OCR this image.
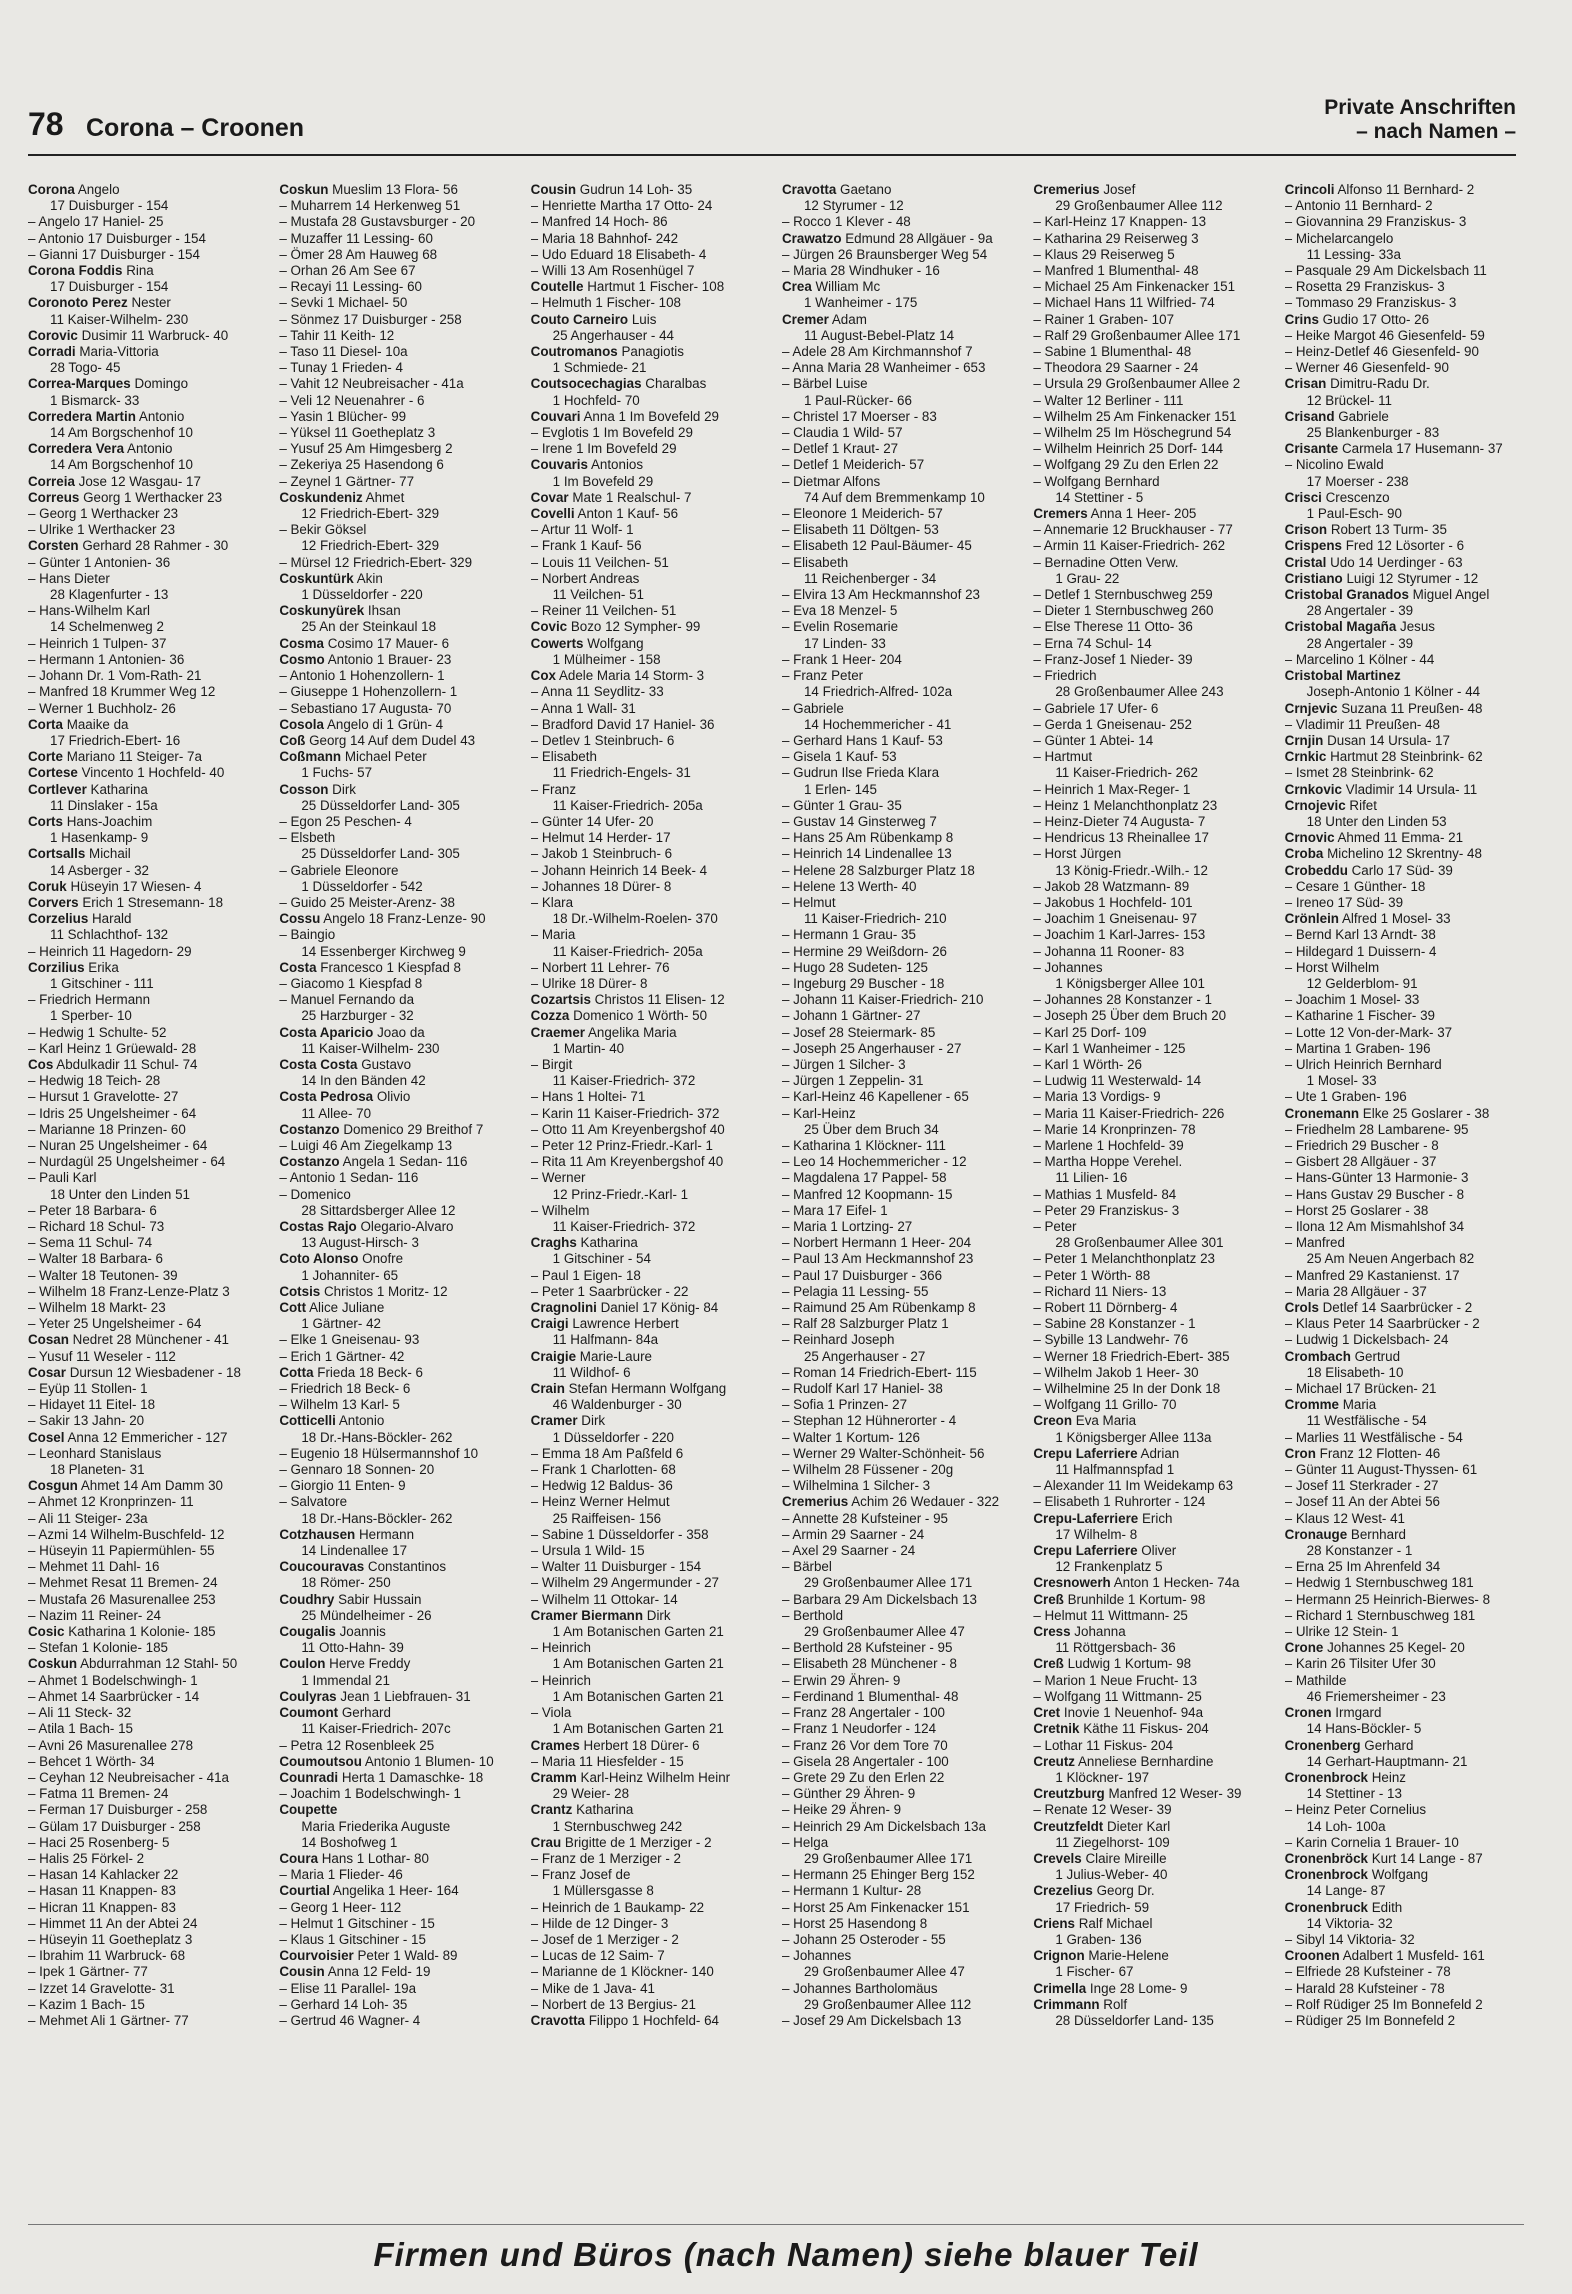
78 Corona – Croonen
Private Anschriften
– nach Namen –
Corona Angelo
17 Duisburger - 154
– Angelo 17 Haniel- 25
– Antonio 17 Duisburger - 154
– Gianni 17 Duisburger - 154
Corona Foddis Rina
17 Duisburger - 154
Coronoto Perez Nester
11 Kaiser-Wilhelm- 230
Corovic Dusimir 11 Warbruck- 40
Corradi Maria-Vittoria
28 Togo- 45
Correa-Marques Domingo
1 Bismarck- 33
Corredera Martin Antonio
14 Am Borgschenhof 10
Corredera Vera Antonio
14 Am Borgschenhof 10
Correia Jose 12 Wasgau- 17
Correus Georg 1 Werthacker 23
– Georg 1 Werthacker 23
– Ulrike 1 Werthacker 23
Corsten Gerhard 28 Rahmer - 30
– Günter 1 Antonien- 36
– Hans Dieter
28 Klagenfurter - 13
– Hans-Wilhelm Karl
14 Schelmenweg 2
– Heinrich 1 Tulpen- 37
– Hermann 1 Antonien- 36
– Johann Dr. 1 Vom-Rath- 21
– Manfred 18 Krummer Weg 12
– Werner 1 Buchholz- 26
Corta Maaike da
17 Friedrich-Ebert- 16
Corte Mariano 11 Steiger- 7a
Cortese Vincento 1 Hochfeld- 40
Cortlever Katharina
11 Dinslaker - 15a
Corts Hans-Joachim
1 Hasenkamp- 9
Cortsalls Michail
14 Asberger - 32
Coruk Hüseyin 17 Wiesen- 4
Corvers Erich 1 Stresemann- 18
Corzelius Harald
11 Schlachthof- 132
– Heinrich 11 Hagedorn- 29
Corzilius Erika
1 Gitschiner - 111
– Friedrich Hermann
1 Sperber- 10
– Hedwig 1 Schulte- 52
– Karl Heinz 1 Grüewald- 28
Cos Abdulkadir 11 Schul- 74
– Hedwig 18 Teich- 28
– Hursut 1 Gravelotte- 27
– Idris 25 Ungelsheimer - 64
– Marianne 18 Prinzen- 60
– Nuran 25 Ungelsheimer - 64
– Nurdagül 25 Ungelsheimer - 64
– Pauli Karl
18 Unter den Linden 51
– Peter 18 Barbara- 6
– Richard 18 Schul- 73
– Sema 11 Schul- 74
– Walter 18 Barbara- 6
– Walter 18 Teutonen- 39
– Wilhelm 18 Franz-Lenze-Platz 3
– Wilhelm 18 Markt- 23
– Yeter 25 Ungelsheimer - 64
Cosan Nedret 28 Münchener - 41
– Yusuf 11 Weseler - 112
Cosar Dursun 12 Wiesbadener - 18
– Eyüp 11 Stollen- 1
– Hidayet 11 Eitel- 18
– Sakir 13 Jahn- 20
Cosel Anna 12 Emmericher - 127
– Leonhard Stanislaus
18 Planeten- 31
Cosgun Ahmet 14 Am Damm 30
– Ahmet 12 Kronprinzen- 11
– Ali 11 Steiger- 23a
– Azmi 14 Wilhelm-Buschfeld- 12
– Hüseyin 11 Papiermühlen- 55
– Mehmet 11 Dahl- 16
– Mehmet Resat 11 Bremen- 24
– Mustafa 26 Masurenallee 253
– Nazim 11 Reiner- 24
Cosic Katharina 1 Kolonie- 185
– Stefan 1 Kolonie- 185
Coskun Abdurrahman 12 Stahl- 50
– Ahmet 1 Bodelschwingh- 1
– Ahmet 14 Saarbrücker - 14
– Ali 11 Steck- 32
– Atila 1 Bach- 15
– Avni 26 Masurenallee 278
– Behcet 1 Wörth- 34
– Ceyhan 12 Neubreisacher - 41a
– Fatma 11 Bremen- 24
– Ferman 17 Duisburger - 258
– Gülam 17 Duisburger - 258
– Haci 25 Rosenberg- 5
– Halis 25 Förkel- 2
– Hasan 14 Kahlacker 22
– Hasan 11 Knappen- 83
– Hicran 11 Knappen- 83
– Himmet 11 An der Abtei 24
– Hüseyin 11 Goetheplatz 3
– Ibrahim 11 Warbruck- 68
– Ipek 1 Gärtner- 77
– Izzet 14 Gravelotte- 31
– Kazim 1 Bach- 15
– Mehmet Ali 1 Gärtner- 77
Coskun Mueslim 13 Flora- 56
– Muharrem 14 Herkenweg 51
– Mustafa 28 Gustavsburger - 20
– Muzaffer 11 Lessing- 60
– Ömer 28 Am Hauweg 68
– Orhan 26 Am See 67
– Recayi 11 Lessing- 60
– Sevki 1 Michael- 50
– Sönmez 17 Duisburger - 258
– Tahir 11 Keith- 12
– Taso 11 Diesel- 10a
– Tunay 1 Frieden- 4
– Vahit 12 Neubreisacher - 41a
– Veli 12 Neuenahrer - 6
– Yasin 1 Blücher- 99
– Yüksel 11 Goetheplatz 3
– Yusuf 25 Am Himgesberg 2
– Zekeriya 25 Hasendong 6
– Zeynel 1 Gärtner- 77
Coskundeniz Ahmet
12 Friedrich-Ebert- 329
– Bekir Göksel
12 Friedrich-Ebert- 329
– Mürsel 12 Friedrich-Ebert- 329
Coskuntürk Akin
1 Düsseldorfer - 220
Coskunyürek Ihsan
25 An der Steinkaul 18
Cosma Cosimo 17 Mauer- 6
Cosmo Antonio 1 Brauer- 23
– Antonio 1 Hohenzollern- 1
– Giuseppe 1 Hohenzollern- 1
– Sebastiano 17 Augusta- 70
Cosola Angelo di 1 Grün- 4
Coß Georg 14 Auf dem Dudel 43
Coßmann Michael Peter
1 Fuchs- 57
Cosson Dirk
25 Düsseldorfer Land- 305
– Egon 25 Peschen- 4
– Elsbeth
25 Düsseldorfer Land- 305
– Gabriele Eleonore
1 Düsseldorfer - 542
– Guido 25 Meister-Arenz- 38
Cossu Angelo 18 Franz-Lenze- 90
– Baingio
14 Essenberger Kirchweg 9
Costa Francesco 1 Kiespfad 8
– Giacomo 1 Kiespfad 8
– Manuel Fernando da
25 Harzburger - 32
Costa Aparicio Joao da
11 Kaiser-Wilhelm- 230
Costa Costa Gustavo
14 In den Bänden 42
Costa Pedrosa Olivio
11 Allee- 70
Costanzo Domenico 29 Breithof 7
– Luigi 46 Am Ziegelkamp 13
Costanzo Angela 1 Sedan- 116
– Antonio 1 Sedan- 116
– Domenico
28 Sittardsberger Allee 12
Costas Rajo Olegario-Alvaro
13 August-Hirsch- 3
Coto Alonso Onofre
1 Johanniter- 65
Cotsis Christos 1 Moritz- 12
Cott Alice Juliane
1 Gärtner- 42
– Elke 1 Gneisenau- 93
– Erich 1 Gärtner- 42
Cotta Frieda 18 Beck- 6
– Friedrich 18 Beck- 6
– Wilhelm 13 Karl- 5
Cotticelli Antonio
18 Dr.-Hans-Böckler- 262
– Eugenio 18 Hülsermannshof 10
– Gennaro 18 Sonnen- 20
– Giorgio 11 Enten- 9
– Salvatore
18 Dr.-Hans-Böckler- 262
Cotzhausen Hermann
14 Lindenallee 17
Coucouravas Constantinos
18 Römer- 250
Coudhry Sabir Hussain
25 Mündelheimer - 26
Cougalis Joannis
11 Otto-Hahn- 39
Coulon Herve Freddy
1 Immendal 21
Coulyras Jean 1 Liebfrauen- 31
Coumont Gerhard
11 Kaiser-Friedrich- 207c
– Petra 12 Rosenbleek 25
Coumoutsou Antonio 1 Blumen- 10
Counradi Herta 1 Damaschke- 18
– Joachim 1 Bodelschwingh- 1
Coupette
Maria Friederika Auguste
14 Boshofweg 1
Coura Hans 1 Lothar- 80
– Maria 1 Flieder- 46
Courtial Angelika 1 Heer- 164
– Georg 1 Heer- 112
– Helmut 1 Gitschiner - 15
– Klaus 1 Gitschiner - 15
Courvoisier Peter 1 Wald- 89
Cousin Anna 12 Feld- 19
– Elise 11 Parallel- 19a
– Gerhard 14 Loh- 35
– Gertrud 46 Wagner- 4
Cousin Gudrun 14 Loh- 35
– Henriette Martha 17 Otto- 24
– Manfred 14 Hoch- 86
– Maria 18 Bahnhof- 242
– Udo Eduard 18 Elisabeth- 4
– Willi 13 Am Rosenhügel 7
Coutelle Hartmut 1 Fischer- 108
– Helmuth 1 Fischer- 108
Couto Carneiro Luis
25 Angerhauser - 44
Coutromanos Panagiotis
1 Schmiede- 21
Coutsocechagias Charalbas
1 Hochfeld- 70
Couvari Anna 1 Im Bovefeld 29
– Evglotis 1 Im Bovefeld 29
– Irene 1 Im Bovefeld 29
Couvaris Antonios
1 Im Bovefeld 29
Covar Mate 1 Realschul- 7
Covelli Anton 1 Kauf- 56
– Artur 11 Wolf- 1
– Frank 1 Kauf- 56
– Louis 11 Veilchen- 51
– Norbert Andreas
11 Veilchen- 51
– Reiner 11 Veilchen- 51
Covic Bozo 12 Sympher- 99
Cowerts Wolfgang
1 Mülheimer - 158
Cox Adele Maria 14 Storm- 3
– Anna 11 Seydlitz- 33
– Anna 1 Wall- 31
– Bradford David 17 Haniel- 36
– Detlev 1 Steinbruch- 6
– Elisabeth
11 Friedrich-Engels- 31
– Franz
11 Kaiser-Friedrich- 205a
– Günter 14 Ufer- 20
– Helmut 14 Herder- 17
– Jakob 1 Steinbruch- 6
– Johann Heinrich 14 Beek- 4
– Johannes 18 Dürer- 8
– Klara
18 Dr.-Wilhelm-Roelen- 370
– Maria
11 Kaiser-Friedrich- 205a
– Norbert 11 Lehrer- 76
– Ulrike 18 Dürer- 8
Cozartsis Christos 11 Elisen- 12
Cozza Domenico 1 Wörth- 50
Craemer Angelika Maria
1 Martin- 40
– Birgit
11 Kaiser-Friedrich- 372
– Hans 1 Holtei- 71
– Karin 11 Kaiser-Friedrich- 372
– Otto 11 Am Kreyenbergshof 40
– Peter 12 Prinz-Friedr.-Karl- 1
– Rita 11 Am Kreyenbergshof 40
– Werner
12 Prinz-Friedr.-Karl- 1
– Wilhelm
11 Kaiser-Friedrich- 372
Craghs Katharina
1 Gitschiner - 54
– Paul 1 Eigen- 18
– Peter 1 Saarbrücker - 22
Cragnolini Daniel 17 König- 84
Craigi Lawrence Herbert
11 Halfmann- 84a
Craigie Marie-Laure
11 Wildhof- 6
Crain Stefan Hermann Wolfgang
46 Waldenburger - 30
Cramer Dirk
1 Düsseldorfer - 220
– Emma 18 Am Paßfeld 6
– Frank 1 Charlotten- 68
– Hedwig 12 Baldus- 36
– Heinz Werner Helmut
25 Raiffeisen- 156
– Sabine 1 Düsseldorfer - 358
– Ursula 1 Wild- 15
– Walter 11 Duisburger - 154
– Wilhelm 29 Angermunder - 27
– Wilhelm 11 Ottokar- 14
Cramer Biermann Dirk
1 Am Botanischen Garten 21
– Heinrich
1 Am Botanischen Garten 21
– Heinrich
1 Am Botanischen Garten 21
– Viola
1 Am Botanischen Garten 21
Crames Herbert 18 Dürer- 6
– Maria 11 Hiesfelder - 15
Cramm Karl-Heinz Wilhelm Heinr
29 Weier- 28
Crantz Katharina
1 Sternbuschweg 242
Crau Brigitte de 1 Merziger - 2
– Franz de 1 Merziger - 2
– Franz Josef de
1 Müllersgasse 8
– Heinrich de 1 Baukamp- 22
– Hilde de 12 Dinger- 3
– Josef de 1 Merziger - 2
– Lucas de 12 Saim- 7
– Marianne de 1 Klöckner- 140
– Mike de 1 Java- 41
– Norbert de 13 Bergius- 21
Cravotta Filippo 1 Hochfeld- 64
Cravotta Gaetano
12 Styrumer - 12
– Rocco 1 Klever - 48
Crawatzo Edmund 28 Allgäuer - 9a
– Jürgen 26 Braunsberger Weg 54
– Maria 28 Windhuker - 16
Crea William Mc
1 Wanheimer - 175
Cremer Adam
11 August-Bebel-Platz 14
– Adele 28 Am Kirchmannshof 7
– Anna Maria 28 Wanheimer - 653
– Bärbel Luise
1 Paul-Rücker- 66
– Christel 17 Moerser - 83
– Claudia 1 Wild- 57
– Detlef 1 Kraut- 27
– Detlef 1 Meiderich- 57
– Dietmar Alfons
74 Auf dem Bremmenkamp 10
– Eleonore 1 Meiderich- 57
– Elisabeth 11 Döltgen- 53
– Elisabeth 12 Paul-Bäumer- 45
– Elisabeth
11 Reichenberger - 34
– Elvira 13 Am Heckmannshof 23
– Eva 18 Menzel- 5
– Evelin Rosemarie
17 Linden- 33
– Frank 1 Heer- 204
– Franz Peter
14 Friedrich-Alfred- 102a
– Gabriele
14 Hochemmericher - 41
– Gerhard Hans 1 Kauf- 53
– Gisela 1 Kauf- 53
– Gudrun Ilse Frieda Klara
1 Erlen- 145
– Günter 1 Grau- 35
– Gustav 14 Ginsterweg 7
– Hans 25 Am Rübenkamp 8
– Heinrich 14 Lindenallee 13
– Helene 28 Salzburger Platz 18
– Helene 13 Werth- 40
– Helmut
11 Kaiser-Friedrich- 210
– Hermann 1 Grau- 35
– Hermine 29 Weißdorn- 26
– Hugo 28 Sudeten- 125
– Ingeburg 29 Buscher - 18
– Johann 11 Kaiser-Friedrich- 210
– Johann 1 Gärtner- 27
– Josef 28 Steiermark- 85
– Joseph 25 Angerhauser - 27
– Jürgen 1 Silcher- 3
– Jürgen 1 Zeppelin- 31
– Karl-Heinz 46 Kapellener - 65
– Karl-Heinz
25 Über dem Bruch 34
– Katharina 1 Klöckner- 111
– Leo 14 Hochemmericher - 12
– Magdalena 17 Pappel- 58
– Manfred 12 Koopmann- 15
– Mara 17 Eifel- 1
– Maria 1 Lortzing- 27
– Norbert Hermann 1 Heer- 204
– Paul 13 Am Heckmannshof 23
– Paul 17 Duisburger - 366
– Pelagia 11 Lessing- 55
– Raimund 25 Am Rübenkamp 8
– Ralf 28 Salzburger Platz 1
– Reinhard Joseph
25 Angerhauser - 27
– Roman 14 Friedrich-Ebert- 115
– Rudolf Karl 17 Haniel- 38
– Sofia 1 Prinzen- 27
– Stephan 12 Hühnerorter - 4
– Walter 1 Kortum- 126
– Werner 29 Walter-Schönheit- 56
– Wilhelm 28 Füssener - 20g
– Wilhelmina 1 Silcher- 3
Cremerius Achim 26 Wedauer - 322
– Annette 28 Kufsteiner - 95
– Armin 29 Saarner - 24
– Axel 29 Saarner - 24
– Bärbel
29 Großenbaumer Allee 171
– Barbara 29 Am Dickelsbach 13
– Berthold
29 Großenbaumer Allee 47
– Berthold 28 Kufsteiner - 95
– Elisabeth 28 Münchener - 8
– Erwin 29 Ähren- 9
– Ferdinand 1 Blumenthal- 48
– Franz 28 Angertaler - 100
– Franz 1 Neudorfer - 124
– Franz 26 Vor dem Tore 70
– Gisela 28 Angertaler - 100
– Grete 29 Zu den Erlen 22
– Günther 29 Ähren- 9
– Heike 29 Ähren- 9
– Heinrich 29 Am Dickelsbach 13a
– Helga
29 Großenbaumer Allee 171
– Hermann 25 Ehinger Berg 152
– Hermann 1 Kultur- 28
– Horst 25 Am Finkenacker 151
– Horst 25 Hasendong 8
– Johann 25 Osteroder - 55
– Johannes
29 Großenbaumer Allee 47
– Johannes Bartholomäus
29 Großenbaumer Allee 112
– Josef 29 Am Dickelsbach 13
Cremerius Josef
29 Großenbaumer Allee 112
– Karl-Heinz 17 Knappen- 13
– Katharina 29 Reiserweg 3
– Klaus 29 Reiserweg 5
– Manfred 1 Blumenthal- 48
– Michael 25 Am Finkenacker 151
– Michael Hans 11 Wilfried- 74
– Rainer 1 Graben- 107
– Ralf 29 Großenbaumer Allee 171
– Sabine 1 Blumenthal- 48
– Theodora 29 Saarner - 24
– Ursula 29 Großenbaumer Allee 2
– Walter 12 Berliner - 111
– Wilhelm 25 Am Finkenacker 151
– Wilhelm 25 Im Höschegrund 54
– Wilhelm Heinrich 25 Dorf- 144
– Wolfgang 29 Zu den Erlen 22
– Wolfgang Bernhard
14 Stettiner - 5
Cremers Anna 1 Heer- 205
– Annemarie 12 Bruckhauser - 77
– Armin 11 Kaiser-Friedrich- 262
– Bernadine Otten Verw.
1 Grau- 22
– Detlef 1 Sternbuschweg 259
– Dieter 1 Sternbuschweg 260
– Else Therese 11 Otto- 36
– Erna 74 Schul- 14
– Franz-Josef 1 Nieder- 39
– Friedrich
28 Großenbaumer Allee 243
– Gabriele 17 Ufer- 6
– Gerda 1 Gneisenau- 252
– Günter 1 Abtei- 14
– Hartmut
11 Kaiser-Friedrich- 262
– Heinrich 1 Max-Reger- 1
– Heinz 1 Melanchthonplatz 23
– Heinz-Dieter 74 Augusta- 7
– Hendricus 13 Rheinallee 17
– Horst Jürgen
13 König-Friedr.-Wilh.- 12
– Jakob 28 Watzmann- 89
– Jakobus 1 Hochfeld- 101
– Joachim 1 Gneisenau- 97
– Joachim 1 Karl-Jarres- 153
– Johanna 11 Rooner- 83
– Johannes
1 Königsberger Allee 101
– Johannes 28 Konstanzer - 1
– Joseph 25 Über dem Bruch 20
– Karl 25 Dorf- 109
– Karl 1 Wanheimer - 125
– Karl 1 Wörth- 26
– Ludwig 11 Westerwald- 14
– Maria 13 Vordigs- 9
– Maria 11 Kaiser-Friedrich- 226
– Marie 14 Kronprinzen- 78
– Marlene 1 Hochfeld- 39
– Martha Hoppe Verehel.
11 Lilien- 16
– Mathias 1 Musfeld- 84
– Peter 29 Franziskus- 3
– Peter
28 Großenbaumer Allee 301
– Peter 1 Melanchthonplatz 23
– Peter 1 Wörth- 88
– Richard 11 Niers- 13
– Robert 11 Dörnberg- 4
– Sabine 28 Konstanzer - 1
– Sybille 13 Landwehr- 76
– Werner 18 Friedrich-Ebert- 385
– Wilhelm Jakob 1 Heer- 30
– Wilhelmine 25 In der Donk 18
– Wolfgang 11 Grillo- 70
Creon Eva Maria
1 Königsberger Allee 113a
Crepu Laferriere Adrian
11 Halfmannspfad 1
– Alexander 11 Im Weidekamp 63
– Elisabeth 1 Ruhrorter - 124
Crepu-Laferriere Erich
17 Wilhelm- 8
Crepu Laferriere Oliver
12 Frankenplatz 5
Cresnowerh Anton 1 Hecken- 74a
Creß Brunhilde 1 Kortum- 98
– Helmut 11 Wittmann- 25
Cress Johanna
11 Röttgersbach- 36
Creß Ludwig 1 Kortum- 98
– Marion 1 Neue Frucht- 13
– Wolfgang 11 Wittmann- 25
Cret Inovie 1 Neuenhof- 94a
Cretnik Käthe 11 Fiskus- 204
– Lothar 11 Fiskus- 204
Creutz Anneliese Bernhardine
1 Klöckner- 197
Creutzburg Manfred 12 Weser- 39
– Renate 12 Weser- 39
Creutzfeldt Dieter Karl
11 Ziegelhorst- 109
Crevels Claire Mireille
1 Julius-Weber- 40
Crezelius Georg Dr.
17 Friedrich- 59
Criens Ralf Michael
1 Graben- 136
Crignon Marie-Helene
1 Fischer- 67
Crimella Inge 28 Lome- 9
Crimmann Rolf
28 Düsseldorfer Land- 135
Crincoli Alfonso 11 Bernhard- 2
– Antonio 11 Bernhard- 2
– Giovannina 29 Franziskus- 3
– Michelarcangelo
11 Lessing- 33a
– Pasquale 29 Am Dickelsbach 11
– Rosetta 29 Franziskus- 3
– Tommaso 29 Franziskus- 3
Crins Gudio 17 Otto- 26
– Heike Margot 46 Giesenfeld- 59
– Heinz-Detlef 46 Giesenfeld- 90
– Werner 46 Giesenfeld- 90
Crisan Dimitru-Radu Dr.
12 Brückel- 11
Crisand Gabriele
25 Blankenburger - 83
Crisante Carmela 17 Husemann- 37
– Nicolino Ewald
17 Moerser - 238
Crisci Crescenzo
1 Paul-Esch- 90
Crison Robert 13 Turm- 35
Crispens Fred 12 Lösorter - 6
Cristal Udo 14 Uerdinger - 63
Cristiano Luigi 12 Styrumer - 12
Cristobal Granados Miguel Angel
28 Angertaler - 39
Cristobal Magaña Jesus
28 Angertaler - 39
– Marcelino 1 Kölner - 44
Cristobal Martinez
Joseph-Antonio 1 Kölner - 44
Crnjevic Suzana 11 Preußen- 48
– Vladimir 11 Preußen- 48
Crnjin Dusan 14 Ursula- 17
Crnkic Hartmut 28 Steinbrink- 62
– Ismet 28 Steinbrink- 62
Crnkovic Vladimir 14 Ursula- 11
Crnojevic Rifet
18 Unter den Linden 53
Crnovic Ahmed 11 Emma- 21
Croba Michelino 12 Skrentny- 48
Crobeddu Carlo 17 Süd- 39
– Cesare 1 Günther- 18
– Ireneo 17 Süd- 39
Crönlein Alfred 1 Mosel- 33
– Bernd Karl 13 Arndt- 38
– Hildegard 1 Duissern- 4
– Horst Wilhelm
12 Gelderblom- 91
– Joachim 1 Mosel- 33
– Katharine 1 Fischer- 39
– Lotte 12 Von-der-Mark- 37
– Martina 1 Graben- 196
– Ulrich Heinrich Bernhard
1 Mosel- 33
– Ute 1 Graben- 196
Cronemann Elke 25 Goslarer - 38
– Friedhelm 28 Lambarene- 95
– Friedrich 29 Buscher - 8
– Gisbert 28 Allgäuer - 37
– Hans-Günter 13 Harmonie- 3
– Hans Gustav 29 Buscher - 8
– Horst 25 Goslarer - 38
– Ilona 12 Am Mismahlshof 34
– Manfred
25 Am Neuen Angerbach 82
– Manfred 29 Kastanienst. 17
– Maria 28 Allgäuer - 37
Crols Detlef 14 Saarbrücker - 2
– Klaus Peter 14 Saarbrücker - 2
– Ludwig 1 Dickelsbach- 24
Crombach Gertrud
18 Elisabeth- 10
– Michael 17 Brücken- 21
Cromme Maria
11 Westfälische - 54
– Marlies 11 Westfälische - 54
Cron Franz 12 Flotten- 46
– Günter 11 August-Thyssen- 61
– Josef 11 Sterkrader - 27
– Josef 11 An der Abtei 56
– Klaus 12 West- 41
Cronauge Bernhard
28 Konstanzer - 1
– Erna 25 Im Ahrenfeld 34
– Hedwig 1 Sternbuschweg 181
– Hermann 25 Heinrich-Bierwes- 8
– Richard 1 Sternbuschweg 181
– Ulrike 12 Stein- 1
Crone Johannes 25 Kegel- 20
– Karin 26 Tilsiter Ufer 30
– Mathilde
46 Friemersheimer - 23
Cronen Irmgard
14 Hans-Böckler- 5
Cronenberg Gerhard
14 Gerhart-Hauptmann- 21
Cronenbrock Heinz
14 Stettiner - 13
– Heinz Peter Cornelius
14 Loh- 100a
– Karin Cornelia 1 Brauer- 10
Cronenbröck Kurt 14 Lange - 87
Cronenbrock Wolfgang
14 Lange- 87
Cronenbruck Edith
14 Viktoria- 32
– Sibyl 14 Viktoria- 32
Croonen Adalbert 1 Musfeld- 161
– Elfriede 28 Kufsteiner - 78
– Harald 28 Kufsteiner - 78
– Rolf Rüdiger 25 Im Bonnefeld 2
– Rüdiger 25 Im Bonnefeld 2
Firmen und Büros (nach Namen) siehe blauer Teil
